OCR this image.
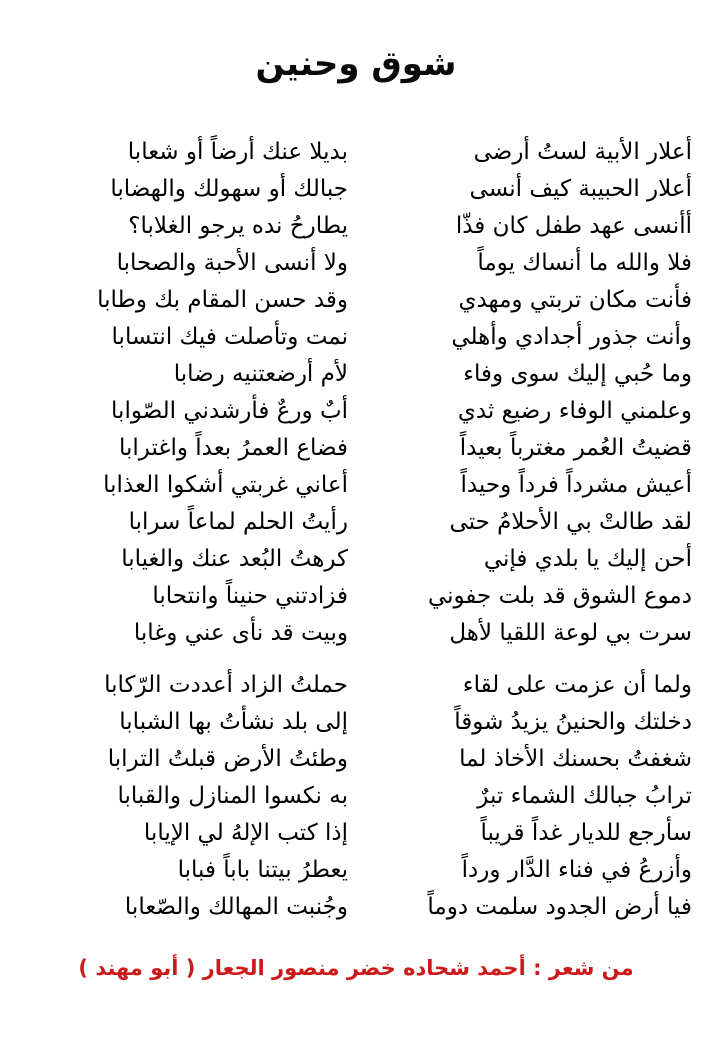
شوق وحنين
أعلار الأبية لستُ أرضى
بديلا عنك أرضاً أو شعابا
أعلار الحبيبة كيف أنسى
جبالك أو سهولك والهضابا
أأنسى عهد طفل كان فذّا
يطارحُ نده يرجو الغلابا؟
فلا والله ما أنساك يوماً
ولا أنسى الأحبة والصحابا
فأنت مكان تربتي ومهدي
وقد حسن المقام بك وطابا
وأنت جذور أجدادي وأهلي
نمت وتأصلت فيك انتسابا
وما حُبي إليك سوى وفاء
لأم أرضعتنيه رضابا
وعلمني الوفاء رضيع ثدي
أبٌ ورعٌ فأرشدني الصّوابا
قضيتُ العُمر مغترباً بعيداً
فضاع العمرُ بعداً واغترابا
أعيش مشرداً فرداً وحيداً
أعاني غربتي أشكوا العذابا
لقد طالتْ بي الأحلامُ حتى
رأيتُ الحلم لماعاً سرابا
أحن إليك يا بلدي فإني
كرهتُ البُعد عنك والغيابا
دموع الشوق قد بلت جفوني
فزادتني حنيناً وانتحابا
سرت بي لوعة اللقيا لأهل
وبيت قد نأى عني وغابا
ولما أن عزمت على لقاء
حملتُ الزاد أعددت الرّكابا
دخلتك والحنينُ يزيدُ شوقاً
إلى بلد نشأتُ بها الشبابا
شغفتُ بحسنك الأخاذ لما
وطئتُ الأرض قبلتُ الترابا
ترابُ جبالك الشماء تبرٌ
به نكسوا المنازل والقبابا
سأرجع للديار غداً قريباً
إذا كتب الإلهُ لي الإيابا
وأزرعُ في فناء الدَّار ورداً
يعطرُ بيتنا باباً فبابا
فيا أرض الجدود سلمت دوماً
وجُنبت المهالك والصّعابا
من شعر : أحمد شحاده خضر منصور الجعار ( أبو مهند )
